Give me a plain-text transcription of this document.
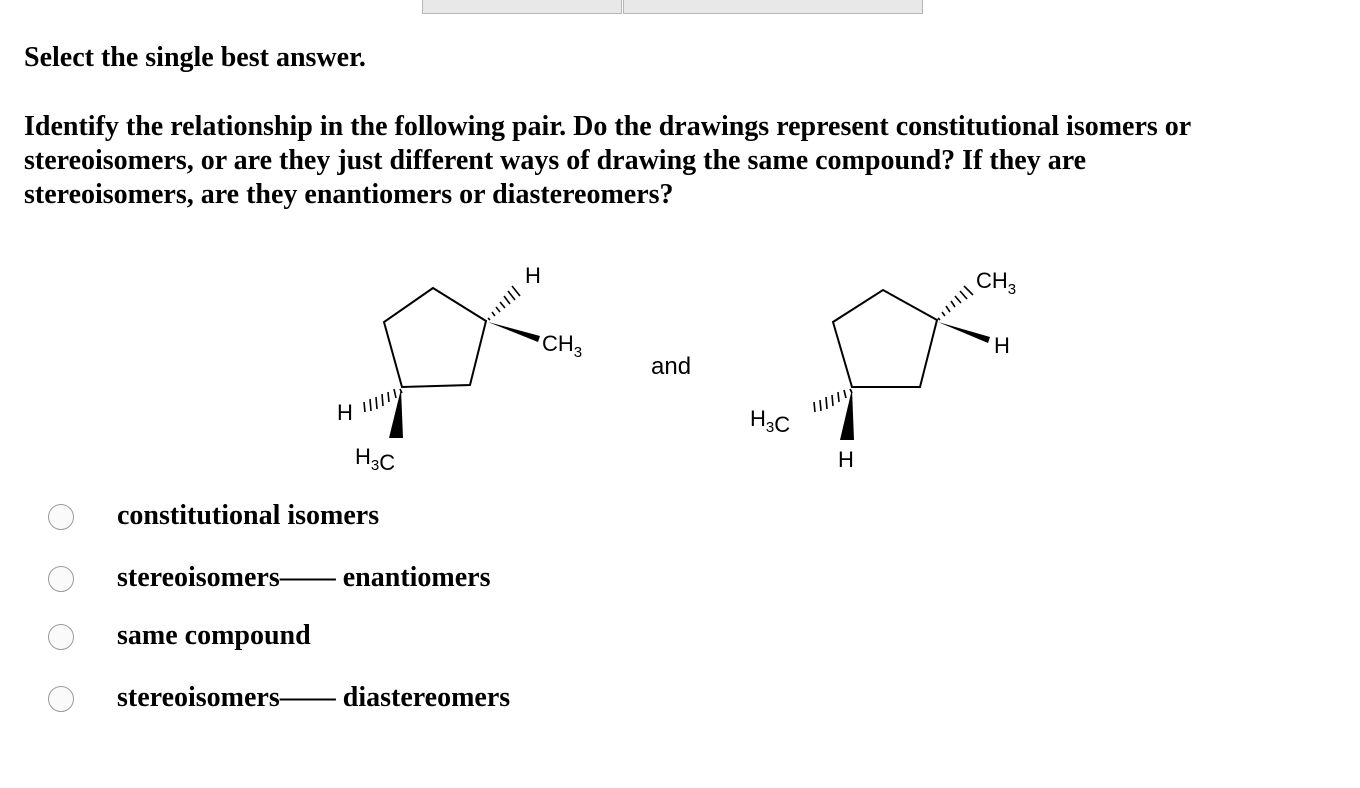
Select the single best answer.

Identify the relationship in the following pair. Do the drawings represent constitutional isomers or
stereoisomers, or are they just different ways of drawing the same compound? If they are
stereoisomers, are they enantiomers or diastereomers?

H
$CH_3$
H
$H_3C$
and
$CH_3$
H
$H_3C$
H
constitutional isomers
stereoisomers—— enantiomers
same compound
stereoisomers—— diastereomers
